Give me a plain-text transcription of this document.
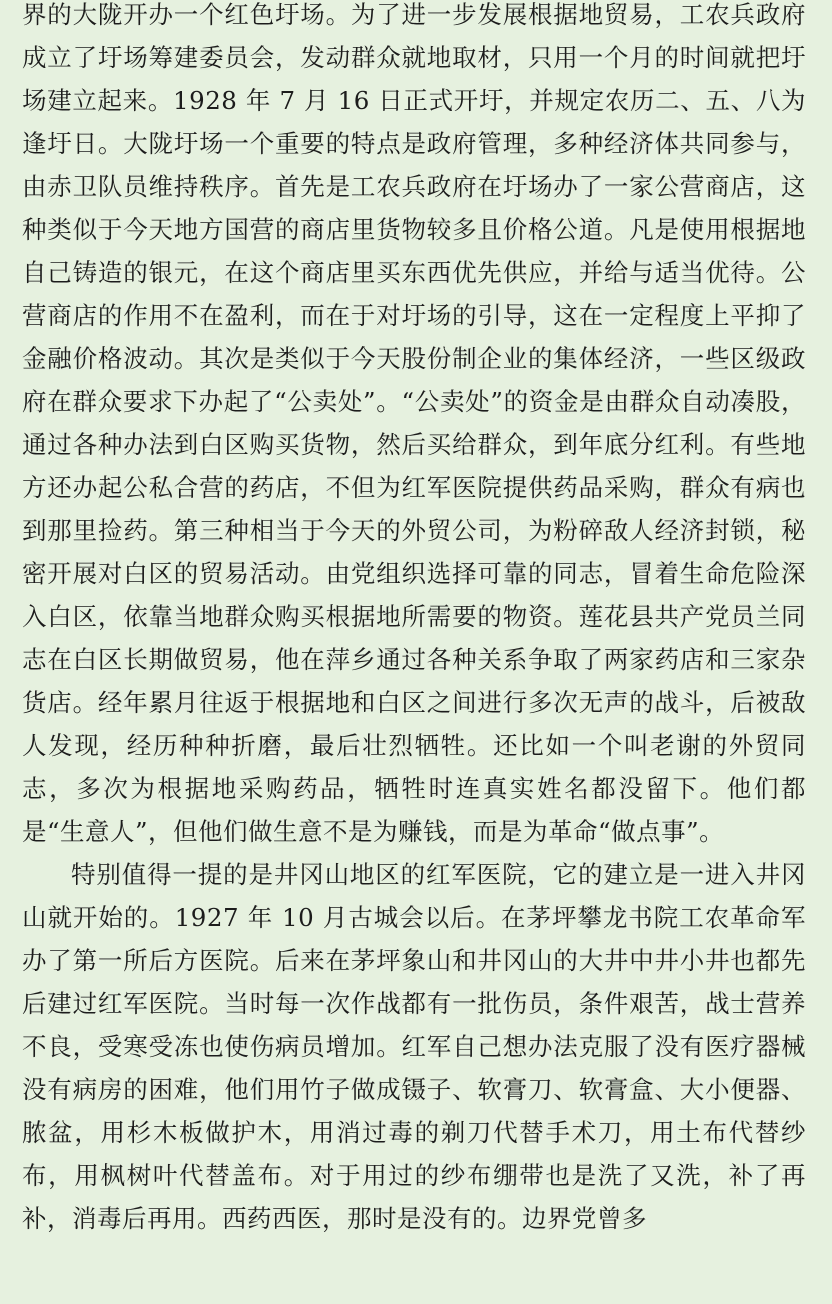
界的大陇开办一个红色圩场。为了进一步发展根据地贸易，工农兵政府成立了圩场筹建委员会，发动群众就地取材，只用一个月的时间就把圩场建立起来。1928 年 7 月 16 日正式开圩，并规定农历二、五、八为逢圩日。大陇圩场一个重要的特点是政府管理，多种经济体共同参与，由赤卫队员维持秩序。首先是工农兵政府在圩场办了一家公营商店，这种类似于今天地方国营的商店里货物较多且价格公道。凡是使用根据地自己铸造的银元，在这个商店里买东西优先供应，并给与适当优待。公营商店的作用不在盈利，而在于对圩场的引导，这在一定程度上平抑了金融价格波动。其次是类似于今天股份制企业的集体经济，一些区级政府在群众要求下办起了“公卖处”。“公卖处”的资金是由群众自动凑股，通过各种办法到白区购买货物，然后买给群众，到年底分红利。有些地方还办起公私合营的药店，不但为红军医院提供药品采购，群众有病也到那里捡药。第三种相当于今天的外贸公司，为粉碎敌人经济封锁，秘密开展对白区的贸易活动。由党组织选择可靠的同志，冒着生命危险深入白区，依靠当地群众购买根据地所需要的物资。莲花县共产党员兰同志在白区长期做贸易，他在萍乡通过各种关系争取了两家药店和三家杂货店。经年累月往返于根据地和白区之间进行多次无声的战斗，后被敌人发现，经历种种折磨，最后壮烈牺牲。还比如一个叫老谢的外贸同志，多次为根据地采购药品，牺牲时连真实姓名都没留下。他们都是“生意人”，但他们做生意不是为赚钱，而是为革命“做点事”。

特别值得一提的是井冈山地区的红军医院，它的建立是一进入井冈山就开始的。1927 年 10 月古城会以后。在茅坪攀龙书院工农革命军办了第一所后方医院。后来在茅坪象山和井冈山的大井中井小井也都先后建过红军医院。当时每一次作战都有一批伤员，条件艰苦，战士营养不良，受寒受冻也使伤病员增加。红军自己想办法克服了没有医疗器械没有病房的困难，他们用竹子做成镊子、软膏刀、软膏盒、大小便器、脓盆，用杉木板做护木，用消过毒的剃刀代替手术刀，用土布代替纱布，用枫树叶代替盖布。对于用过的纱布绷带也是洗了又洗，补了再补，消毒后再用。西药西医，那时是没有的。边界党曾多
